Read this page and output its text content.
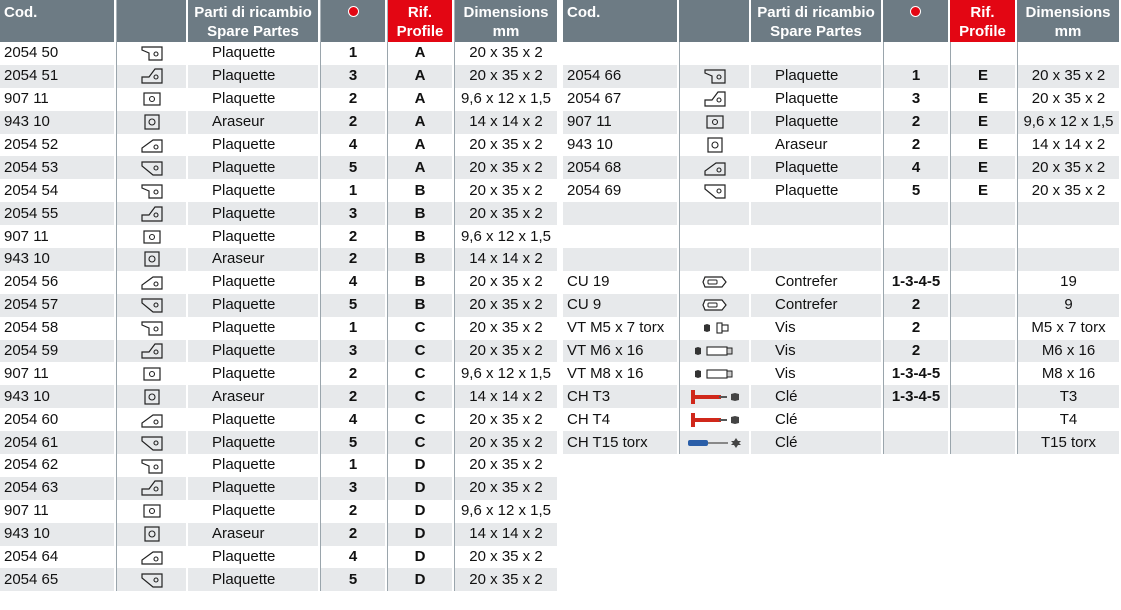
Cod.		Parti di ricambio
Spare Partes		Rif.
Profile	Dimensions
mm
2054 50		Plaquette	1	A	20 x 35 x 2
2054 51		Plaquette	3	A	20 x 35 x 2
907 11		Plaquette	2	A	9,6 x 12 x 1,5
943 10		Araseur	2	A	14 x 14 x 2
2054 52		Plaquette	4	A	20 x 35 x 2
2054 53		Plaquette	5	A	20 x 35 x 2
2054 54		Plaquette	1	B	20 x 35 x 2
2054 55		Plaquette	3	B	20 x 35 x 2
907 11		Plaquette	2	B	9,6 x 12 x 1,5
943 10		Araseur	2	B	14 x 14 x 2
2054 56		Plaquette	4	B	20 x 35 x 2
2054 57		Plaquette	5	B	20 x 35 x 2
2054 58		Plaquette	1	C	20 x 35 x 2
2054 59		Plaquette	3	C	20 x 35 x 2
907 11		Plaquette	2	C	9,6 x 12 x 1,5
943 10		Araseur	2	C	14 x 14 x 2
2054 60		Plaquette	4	C	20 x 35 x 2
2054 61		Plaquette	5	C	20 x 35 x 2
2054 62		Plaquette	1	D	20 x 35 x 2
2054 63		Plaquette	3	D	20 x 35 x 2
907 11		Plaquette	2	D	9,6 x 12 x 1,5
943 10		Araseur	2	D	14 x 14 x 2
2054 64		Plaquette	4	D	20 x 35 x 2
2054 65		Plaquette	5	D	20 x 35 x 2
Cod.		Parti di ricambio
Spare Partes		Rif.
Profile	Dimensions
mm

2054 66		Plaquette	1	E	20 x 35 x 2
2054 67		Plaquette	3	E	20 x 35 x 2
907 11		Plaquette	2	E	9,6 x 12 x 1,5
943 10		Araseur	2	E	14 x 14 x 2
2054 68		Plaquette	4	E	20 x 35 x 2
2054 69		Plaquette	5	E	20 x 35 x 2

CU 19		Contrefer	1-3-4-5		19
CU 9		Contrefer	2		9
VT M5 x 7 torx		Vis	2		M5 x 7 torx
VT M6 x 16		Vis	2		M6 x 16
VT M8 x 16		Vis	1-3-4-5		M8 x 16
CH T3		Clé	1-3-4-5		T3
CH T4		Clé			T4
CH T15 torx		Clé			T15 torx
